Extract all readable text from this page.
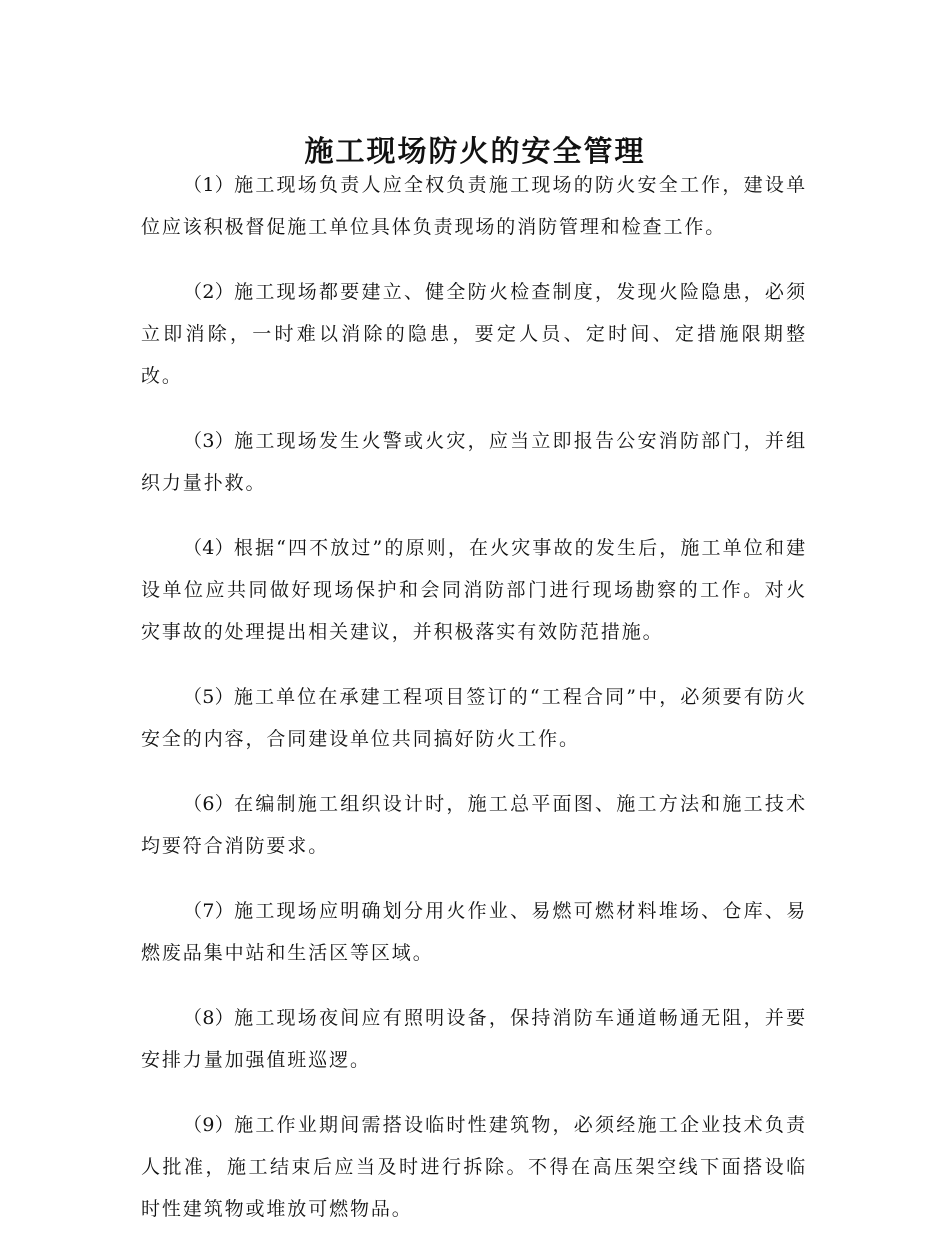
施工现场防火的安全管理

（1）施工现场负责人应全权负责施工现场的防火安全工作，建设单位应该积极督促施工单位具体负责现场的消防管理和检查工作。

（2）施工现场都要建立、健全防火检查制度，发现火险隐患，必须立即消除，一时难以消除的隐患，要定人员、定时间、定措施限期整改。

（3）施工现场发生火警或火灾，应当立即报告公安消防部门，并组织力量扑救。

（4）根据“四不放过”的原则，在火灾事故的发生后，施工单位和建设单位应共同做好现场保护和会同消防部门进行现场勘察的工作。对火灾事故的处理提出相关建议，并积极落实有效防范措施。

（5）施工单位在承建工程项目签订的“工程合同”中，必须要有防火安全的内容，合同建设单位共同搞好防火工作。

（6）在编制施工组织设计时，施工总平面图、施工方法和施工技术均要符合消防要求。

（7）施工现场应明确划分用火作业、易燃可燃材料堆场、仓库、易燃废品集中站和生活区等区域。

（8）施工现场夜间应有照明设备，保持消防车通道畅通无阻，并要安排力量加强值班巡逻。

（9）施工作业期间需搭设临时性建筑物，必须经施工企业技术负责人批准，施工结束后应当及时进行拆除。不得在高压架空线下面搭设临时性建筑物或堆放可燃物品。
